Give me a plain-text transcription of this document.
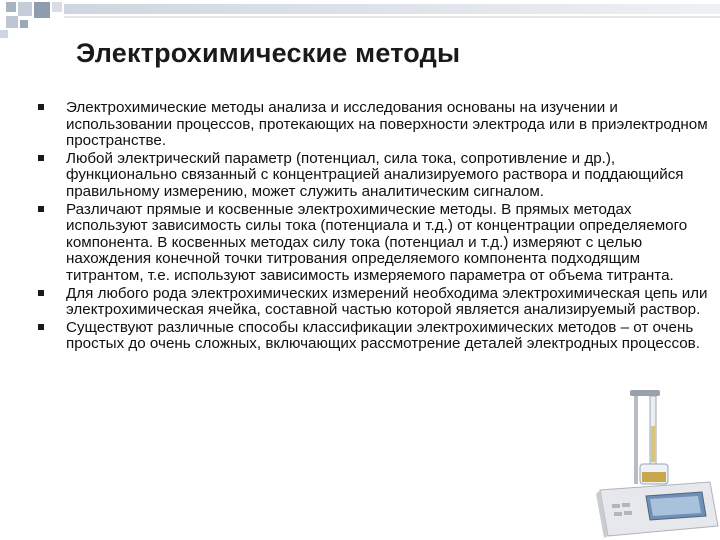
Электрохимические методы
Электрохимические методы анализа и исследования основаны на изучении и использовании процессов, протекающих на поверхности электрода или в приэлектродном пространстве.
Любой электрический параметр (потенциал, сила тока, сопротивление и др.), функционально связанный с концентрацией анализируемого раствора и поддающийся правильному измерению, может служить аналитическим сигналом.
Различают прямые и косвенные электрохимические методы. В прямых методах используют зависимость силы тока (потенциала и т.д.) от концентрации определяемого компонента. В косвенных методах силу тока (потенциал и т.д.) измеряют с целью нахождения конечной точки титрования определяемого компонента подходящим титрантом, т.е. используют зависимость измеряемого параметра от объема титранта.
Для любого рода электрохимических измерений необходима электрохимическая цепь или электрохимическая ячейка, составной частью которой является анализируемый раствор.
Существуют различные способы классификации электрохимических методов – от очень простых до очень сложных, включающих рассмотрение деталей электродных процессов.
